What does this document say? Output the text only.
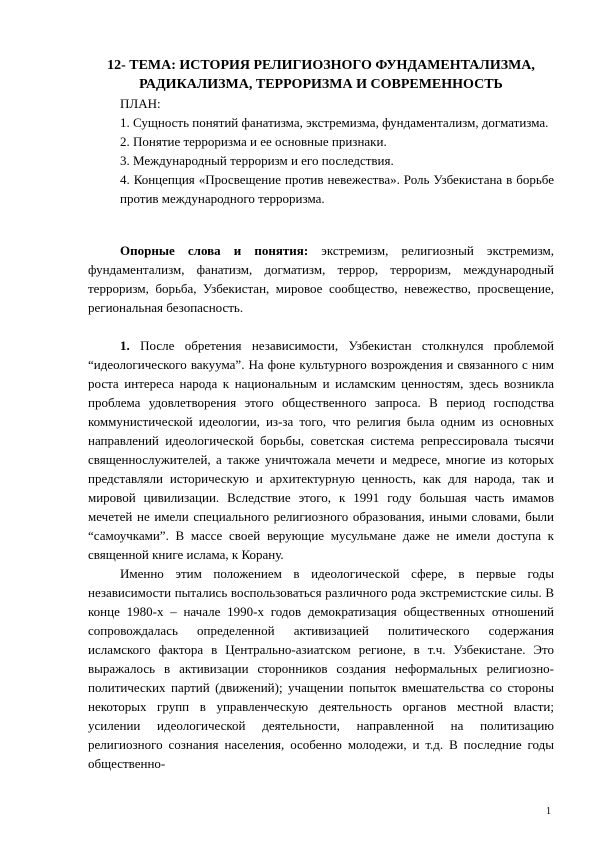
12- ТЕМА: ИСТОРИЯ РЕЛИГИОЗНОГО ФУНДАМЕНТАЛИЗМА,
РАДИКАЛИЗМА, ТЕРРОРИЗМА И СОВРЕМЕННОСТЬ

ПЛАН:

1. Сущность понятий фанатизма, экстремизма, фундаментализм, догматизма.

2. Понятие терроризма и ее основные признаки.

3. Международный терроризм и его последствия.

4. Концепция «Просвещение против невежества». Роль Узбекистана в борьбе против международного терроризма.

Опорные слова и понятия: экстремизм, религиозный экстремизм, фундаментализм, фанатизм, догматизм, террор, терроризм, международный терроризм, борьба, Узбекистан, мировое сообщество, невежество, просвещение, региональная безопасность.

1. После обретения независимости, Узбекистан столкнулся проблемой “идеологического вакуума”. На фоне культурного возрождения и связанного с ним роста интереса народа к национальным и исламским ценностям, здесь возникла проблема удовлетворения этого общественного запроса. В период господства коммунистической идеологии, из-за того, что религия была одним из основных направлений идеологической борьбы, советская система репрессировала тысячи священнослужителей, а также уничтожала мечети и медресе, многие из которых представляли историческую и архитектурную ценность, как для народа, так и мировой цивилизации. Вследствие этого, к 1991 году большая часть имамов мечетей не имели специального религиозного образования, иными словами, были “самоучками”. В массе своей верующие мусульмане даже не имели доступа к священной книге ислама, к Корану.

Именно этим положением в идеологической сфере, в первые годы независимости пытались воспользоваться различного рода экстремистские силы. В конце 1980-х – начале 1990-х годов демократизация общественных отношений сопровождалась определенной активизацией политического содержания исламского фактора в Центрально-азиатском регионе, в т.ч. Узбекистане. Это выражалось в активизации сторонников создания неформальных религиозно-политических партий (движений); учащении попыток вмешательства со стороны некоторых групп в управленческую деятельность органов местной власти; усилении идеологической деятельности, направленной на политизацию религиозного сознания населения, особенно молодежи, и т.д. В последние годы общественно-

1
